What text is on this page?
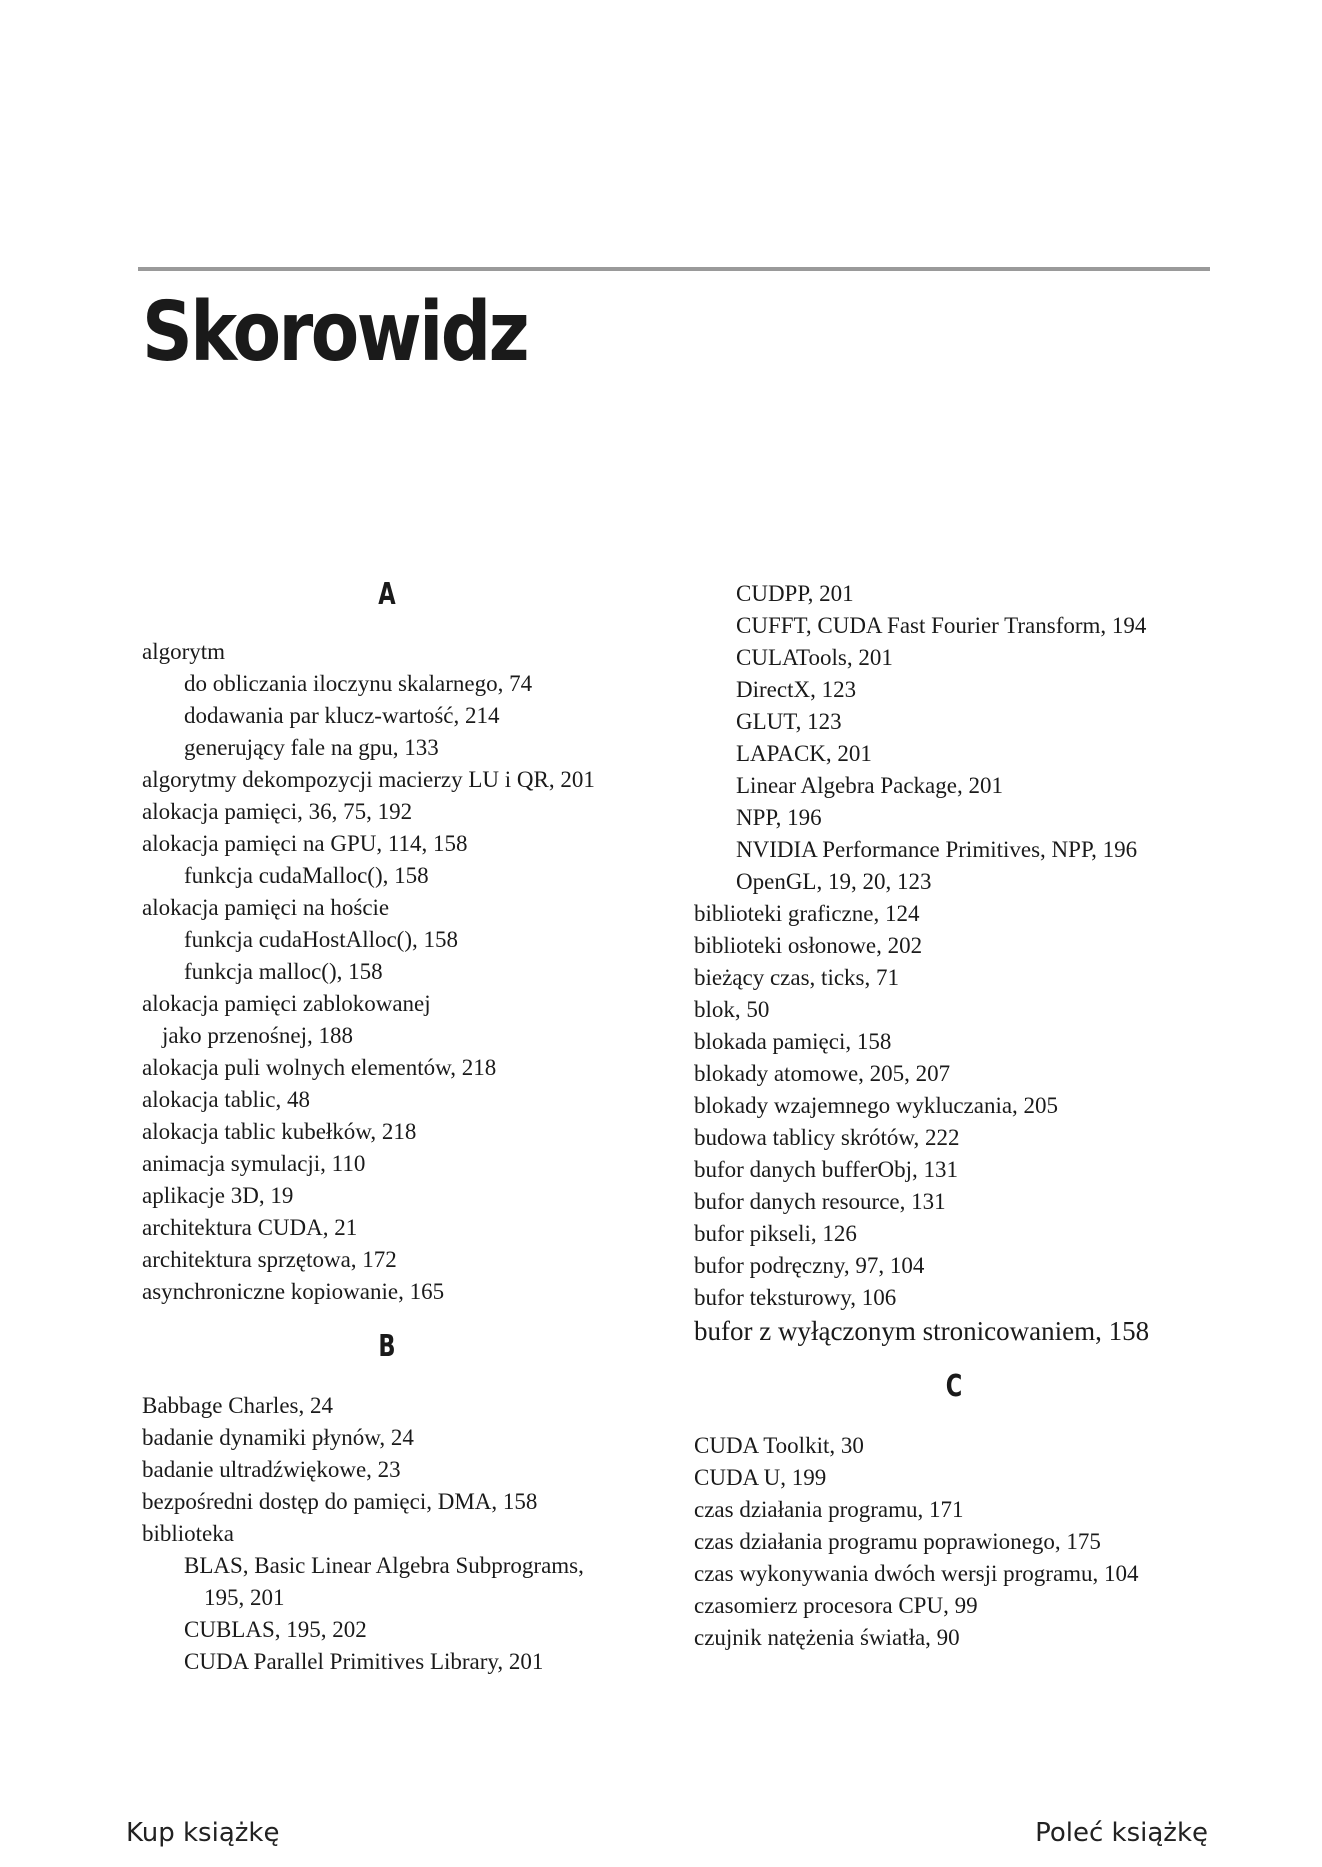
Skorowidz
A
algorytm
do obliczania iloczynu skalarnego, 74
dodawania par klucz-wartość, 214
generujący fale na gpu, 133
algorytmy dekompozycji macierzy LU i QR, 201
alokacja pamięci, 36, 75, 192
alokacja pamięci na GPU, 114, 158
funkcja cudaMalloc(), 158
alokacja pamięci na hoście
funkcja cudaHostAlloc(), 158
funkcja malloc(), 158
alokacja pamięci zablokowanej
jako przenośnej, 188
alokacja puli wolnych elementów, 218
alokacja tablic, 48
alokacja tablic kubełków, 218
animacja symulacji, 110
aplikacje 3D, 19
architektura CUDA, 21
architektura sprzętowa, 172
asynchroniczne kopiowanie, 165
B
Babbage Charles, 24
badanie dynamiki płynów, 24
badanie ultradźwiękowe, 23
bezpośredni dostęp do pamięci, DMA, 158
biblioteka
BLAS, Basic Linear Algebra Subprograms,
195, 201
CUBLAS, 195, 202
CUDA Parallel Primitives Library, 201
CUDPP, 201
CUFFT, CUDA Fast Fourier Transform, 194
CULATools, 201
DirectX, 123
GLUT, 123
LAPACK, 201
Linear Algebra Package, 201
NPP, 196
NVIDIA Performance Primitives, NPP, 196
OpenGL, 19, 20, 123
biblioteki graficzne, 124
biblioteki osłonowe, 202
bieżący czas, ticks, 71
blok, 50
blokada pamięci, 158
blokady atomowe, 205, 207
blokady wzajemnego wykluczania, 205
budowa tablicy skrótów, 222
bufor danych bufferObj, 131
bufor danych resource, 131
bufor pikseli, 126
bufor podręczny, 97, 104
bufor teksturowy, 106
bufor z wyłączonym stronicowaniem, 158
C
CUDA Toolkit, 30
CUDA U, 199
czas działania programu, 171
czas działania programu poprawionego, 175
czas wykonywania dwóch wersji programu, 104
czasomierz procesora CPU, 99
czujnik natężenia światła, 90
Kup książkę	Poleć książkę
